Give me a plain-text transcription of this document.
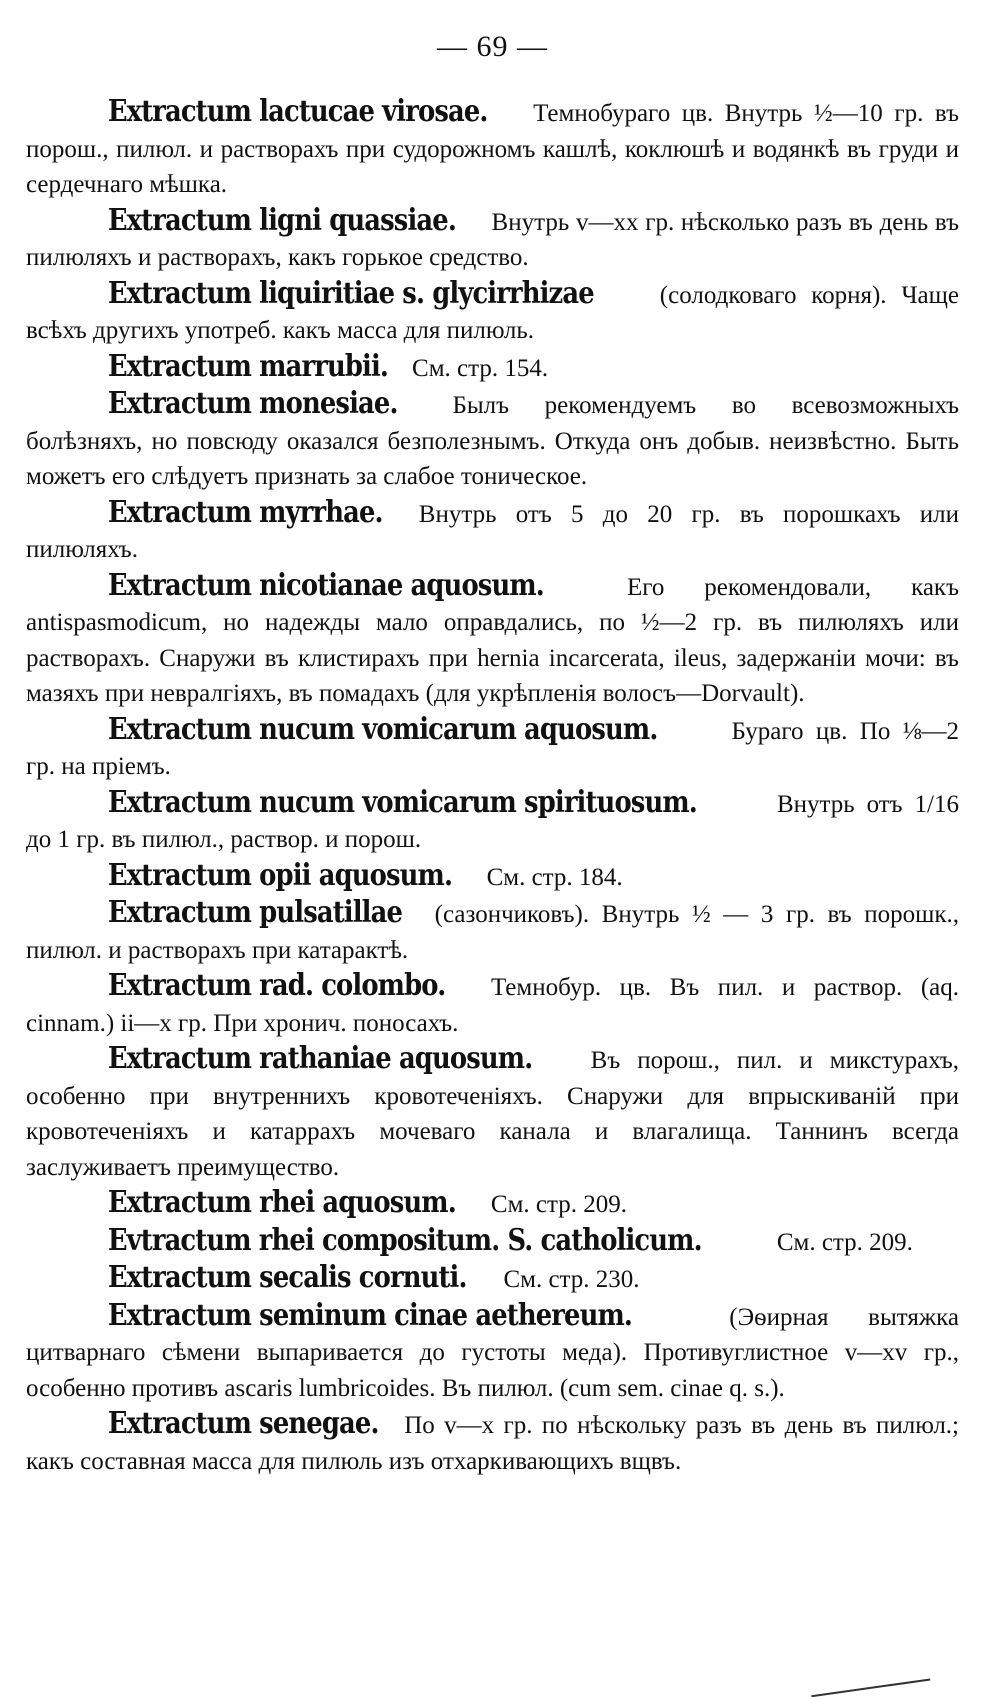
— 69 —

Extractum lactucae virosae. Темнобураго цв. Внутрь ½—10 гр. въ порош., пилюл. и растворахъ при судорожномъ кашлѣ, коклюшѣ и водянкѣ въ груди и сердечнаго мѣшка.

Extractum ligni quassiae. Внутрь v—xx гр. нѣсколько разъ въ день въ пилюляхъ и растворахъ, какъ горькое средство.

Extractum liquiritiae s. glycirrhizae	(солодковаго корня). Чаще всѣхъ другихъ употреб. какъ масса для пилюль.

Extractum marrubii. См. стр. 154.

Extractum monesiae. Былъ рекомендуемъ во всевозможныхъ болѣзняхъ, но повсюду оказался безполезнымъ. Откуда онъ добыв. неизвѣстно. Быть можетъ его слѣдуетъ признать за слабое тоническое.

Extractum myrrhae. Внутрь отъ 5 до 20 гр. въ порошкахъ или пилюляхъ.

Extractum nicotianae aquosum.	Его рекомендовали, какъ antispasmodicum, но надежды мало оправдались, по ½—2 гр. въ пилюляхъ или растворахъ. Снаружи въ клистирахъ при hernia incarcerata, ileus, задержаніи мочи: въ мазяхъ при невралгіяхъ, въ помадахъ (для укрѣпленія волосъ—Dorvault).

Extractum nucum vomicarum aquosum.	Бураго цв. По ⅛—2 гр. на пріемъ.

Extractum nucum vomicarum spirituosum.	Внутрь отъ 1/16 до 1 гр. въ пилюл., раствор. и порош.

Extractum opii aquosum. См. стр. 184.

Extractum pulsatillae (сазончиковъ). Внутрь ½ — 3 гр. въ порошк., пилюл. и растворахъ при катарактѣ.

Extractum rad. colombo. Темнобур. цв. Въ пил. и раствор. (aq. cinnam.) ii—x гр. При хронич. поносахъ.

Extractum rathaniae aquosum. Въ порош., пил. и микстурахъ, особенно при внутреннихъ кровотеченіяхъ. Снаружи для впрыскиваній при кровотеченіяхъ и катаррахъ мочеваго канала и влагалища. Таннинъ всегда заслуживаетъ преимущество.

Extractum rhei aquosum. См. стр. 209.

Evtractum rhei compositum. S. catholicum.	См. стр. 209.

Extractum secalis cornuti. См. стр. 230.

Extractum seminum cinae aethereum.	(Эѳирная вытяжка цитварнаго сѣмени выпаривается до густоты меда). Противуглистное v—xv гр., особенно противъ ascaris lumbricoides. Въ пилюл. (cum sem. cinae q. s.).

Extractum senegae. По v—x гр. по нѣскольку разъ въ день въ пилюл.; какъ составная масса для пилюль изъ отхаркивающихъ вщвъ.
